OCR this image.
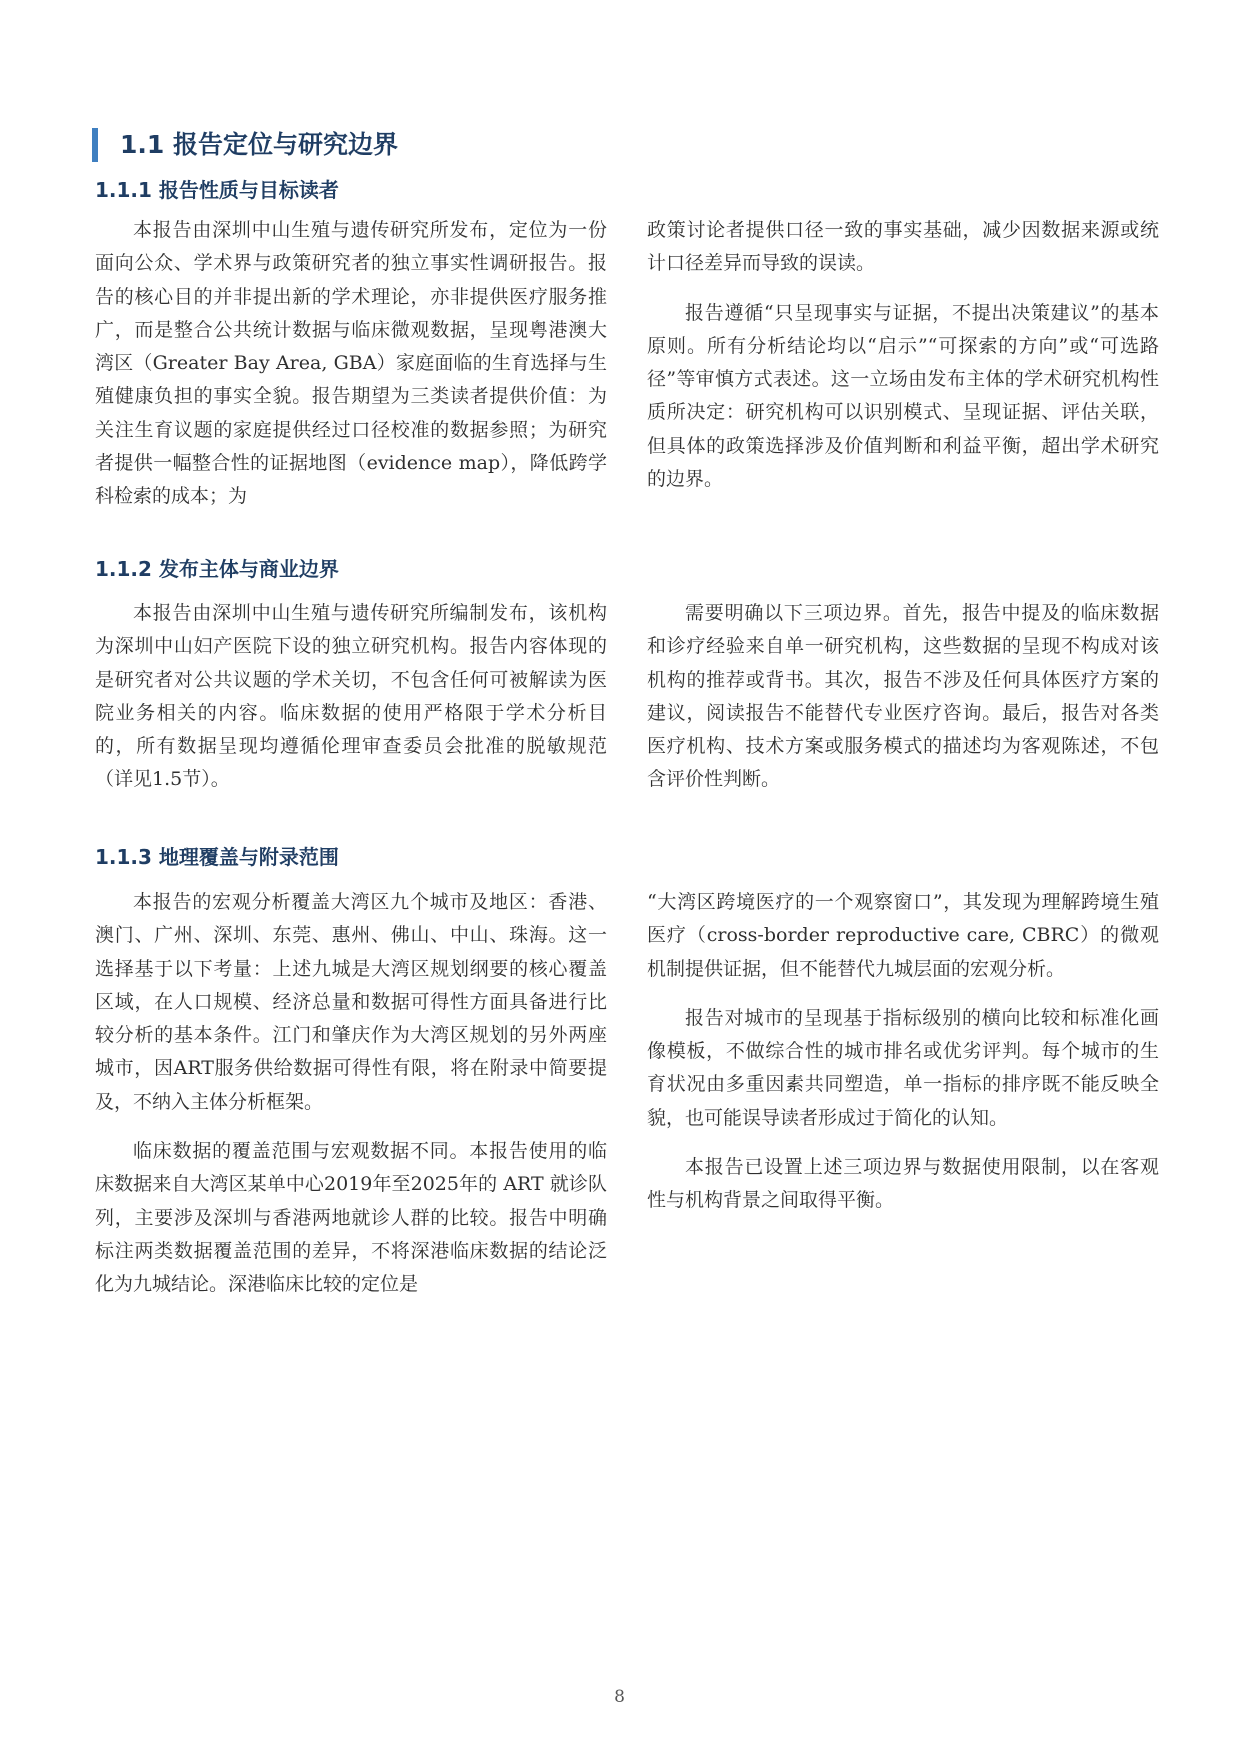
1.1 报告定位与研究边界
1.1.1 报告性质与目标读者

本报告由深圳中山生殖与遗传研究所发布，定位为一份面向公众、学术界与政策研究者的独立事实性调研报告。报告的核心目的并非提出新的学术理论，亦非提供医疗服务推广，而是整合公共统计数据与临床微观数据，呈现粤港澳大湾区（Greater Bay Area, GBA）家庭面临的生育选择与生殖健康负担的事实全貌。报告期望为三类读者提供价值：为关注生育议题的家庭提供经过口径校准的数据参照；为研究者提供一幅整合性的证据地图（evidence map），降低跨学科检索的成本；为

政策讨论者提供口径一致的事实基础，减少因数据来源或统计口径差异而导致的误读。

报告遵循“只呈现事实与证据，不提出决策建议”的基本原则。所有分析结论均以“启示”“可探索的方向”或“可选路径”等审慎方式表述。这一立场由发布主体的学术研究机构性质所决定：研究机构可以识别模式、呈现证据、评估关联，但具体的政策选择涉及价值判断和利益平衡，超出学术研究的边界。

1.1.2 发布主体与商业边界

本报告由深圳中山生殖与遗传研究所编制发布，该机构为深圳中山妇产医院下设的独立研究机构。报告内容体现的是研究者对公共议题的学术关切，不包含任何可被解读为医院业务相关的内容。临床数据的使用严格限于学术分析目的，所有数据呈现均遵循伦理审查委员会批准的脱敏规范（详见1.5节）。

需要明确以下三项边界。首先，报告中提及的临床数据和诊疗经验来自单一研究机构，这些数据的呈现不构成对该机构的推荐或背书。其次，报告不涉及任何具体医疗方案的建议，阅读报告不能替代专业医疗咨询。最后，报告对各类医疗机构、技术方案或服务模式的描述均为客观陈述，不包含评价性判断。

1.1.3 地理覆盖与附录范围

本报告的宏观分析覆盖大湾区九个城市及地区：香港、澳门、广州、深圳、东莞、惠州、佛山、中山、珠海。这一选择基于以下考量：上述九城是大湾区规划纲要的核心覆盖区域，在人口规模、经济总量和数据可得性方面具备进行比较分析的基本条件。江门和肇庆作为大湾区规划的另外两座城市，因ART服务供给数据可得性有限，将在附录中简要提及，不纳入主体分析框架。

临床数据的覆盖范围与宏观数据不同。本报告使用的临床数据来自大湾区某单中心2019年至2025年的 ART 就诊队列，主要涉及深圳与香港两地就诊人群的比较。报告中明确标注两类数据覆盖范围的差异，不将深港临床数据的结论泛化为九城结论。深港临床比较的定位是

“大湾区跨境医疗的一个观察窗口”，其发现为理解跨境生殖医疗（cross-border reproductive care, CBRC）的微观机制提供证据，但不能替代九城层面的宏观分析。

报告对城市的呈现基于指标级别的横向比较和标准化画像模板，不做综合性的城市排名或优劣评判。每个城市的生育状况由多重因素共同塑造，单一指标的排序既不能反映全貌，也可能误导读者形成过于简化的认知。

本报告已设置上述三项边界与数据使用限制，以在客观性与机构背景之间取得平衡。

8
